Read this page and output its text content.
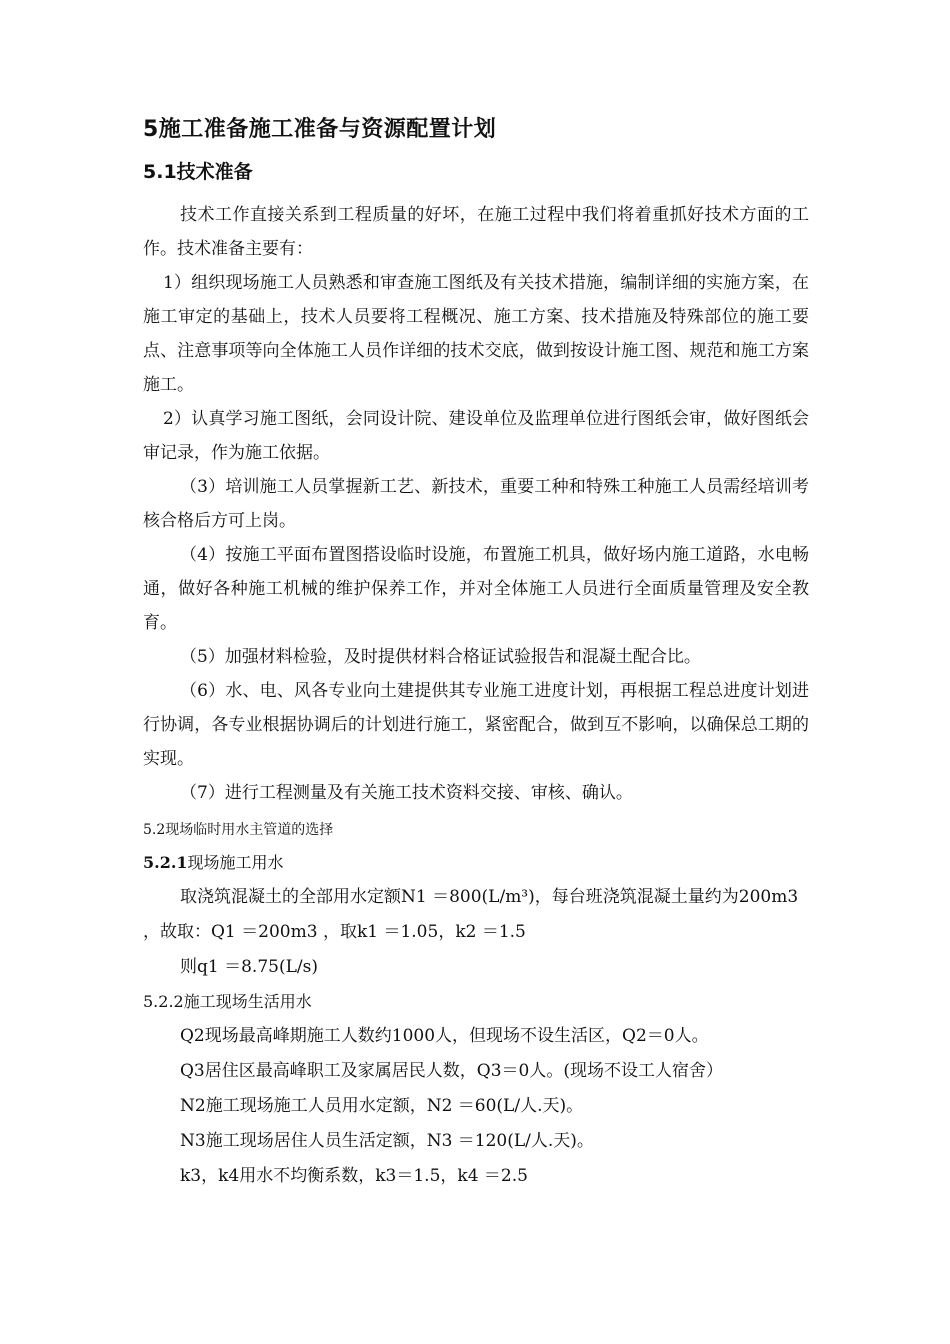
5施工准备施工准备与资源配置计划
5.1技术准备

技术工作直接关系到工程质量的好坏，在施工过程中我们将着重抓好技术方面的工作。技术准备主要有：

1）组织现场施工人员熟悉和审查施工图纸及有关技术措施，编制详细的实施方案，在施工审定的基础上，技术人员要将工程概况、施工方案、技术措施及特殊部位的施工要点、注意事项等向全体施工人员作详细的技术交底，做到按设计施工图、规范和施工方案施工。

2）认真学习施工图纸，会同设计院、建设单位及监理单位进行图纸会审，做好图纸会审记录，作为施工依据。

（3）培训施工人员掌握新工艺、新技术，重要工种和特殊工种施工人员需经培训考核合格后方可上岗。

（4）按施工平面布置图搭设临时设施，布置施工机具，做好场内施工道路，水电畅通，做好各种施工机械的维护保养工作，并对全体施工人员进行全面质量管理及安全教育。

（5）加强材料检验，及时提供材料合格证试验报告和混凝土配合比。

（6）水、电、风各专业向土建提供其专业施工进度计划，再根据工程总进度计划进行协调，各专业根据协调后的计划进行施工，紧密配合，做到互不影响，以确保总工期的实现。

（7）进行工程测量及有关施工技术资料交接、审核、确认。

5.2现场临时用水主管道的选择
5.2.1现场施工用水

取浇筑混凝土的全部用水定额N1 ＝800(L/m³)，每台班浇筑混凝土量约为200m3 ，故取：Q1 ＝200m3 ，取k1 ＝1.05，k2 ＝1.5

则q1 ＝8.75(L/s)

5.2.2施工现场生活用水

Q2现场最高峰期施工人数约1000人，但现场不设生活区，Q2＝0人。

Q3居住区最高峰职工及家属居民人数，Q3＝0人。(现场不设工人宿舍）

N2施工现场施工人员用水定额，N2 ＝60(L/人.天)。

N3施工现场居住人员生活定额，N3 ＝120(L/人.天)。

k3，k4用水不均衡系数，k3＝1.5，k4 ＝2.5
